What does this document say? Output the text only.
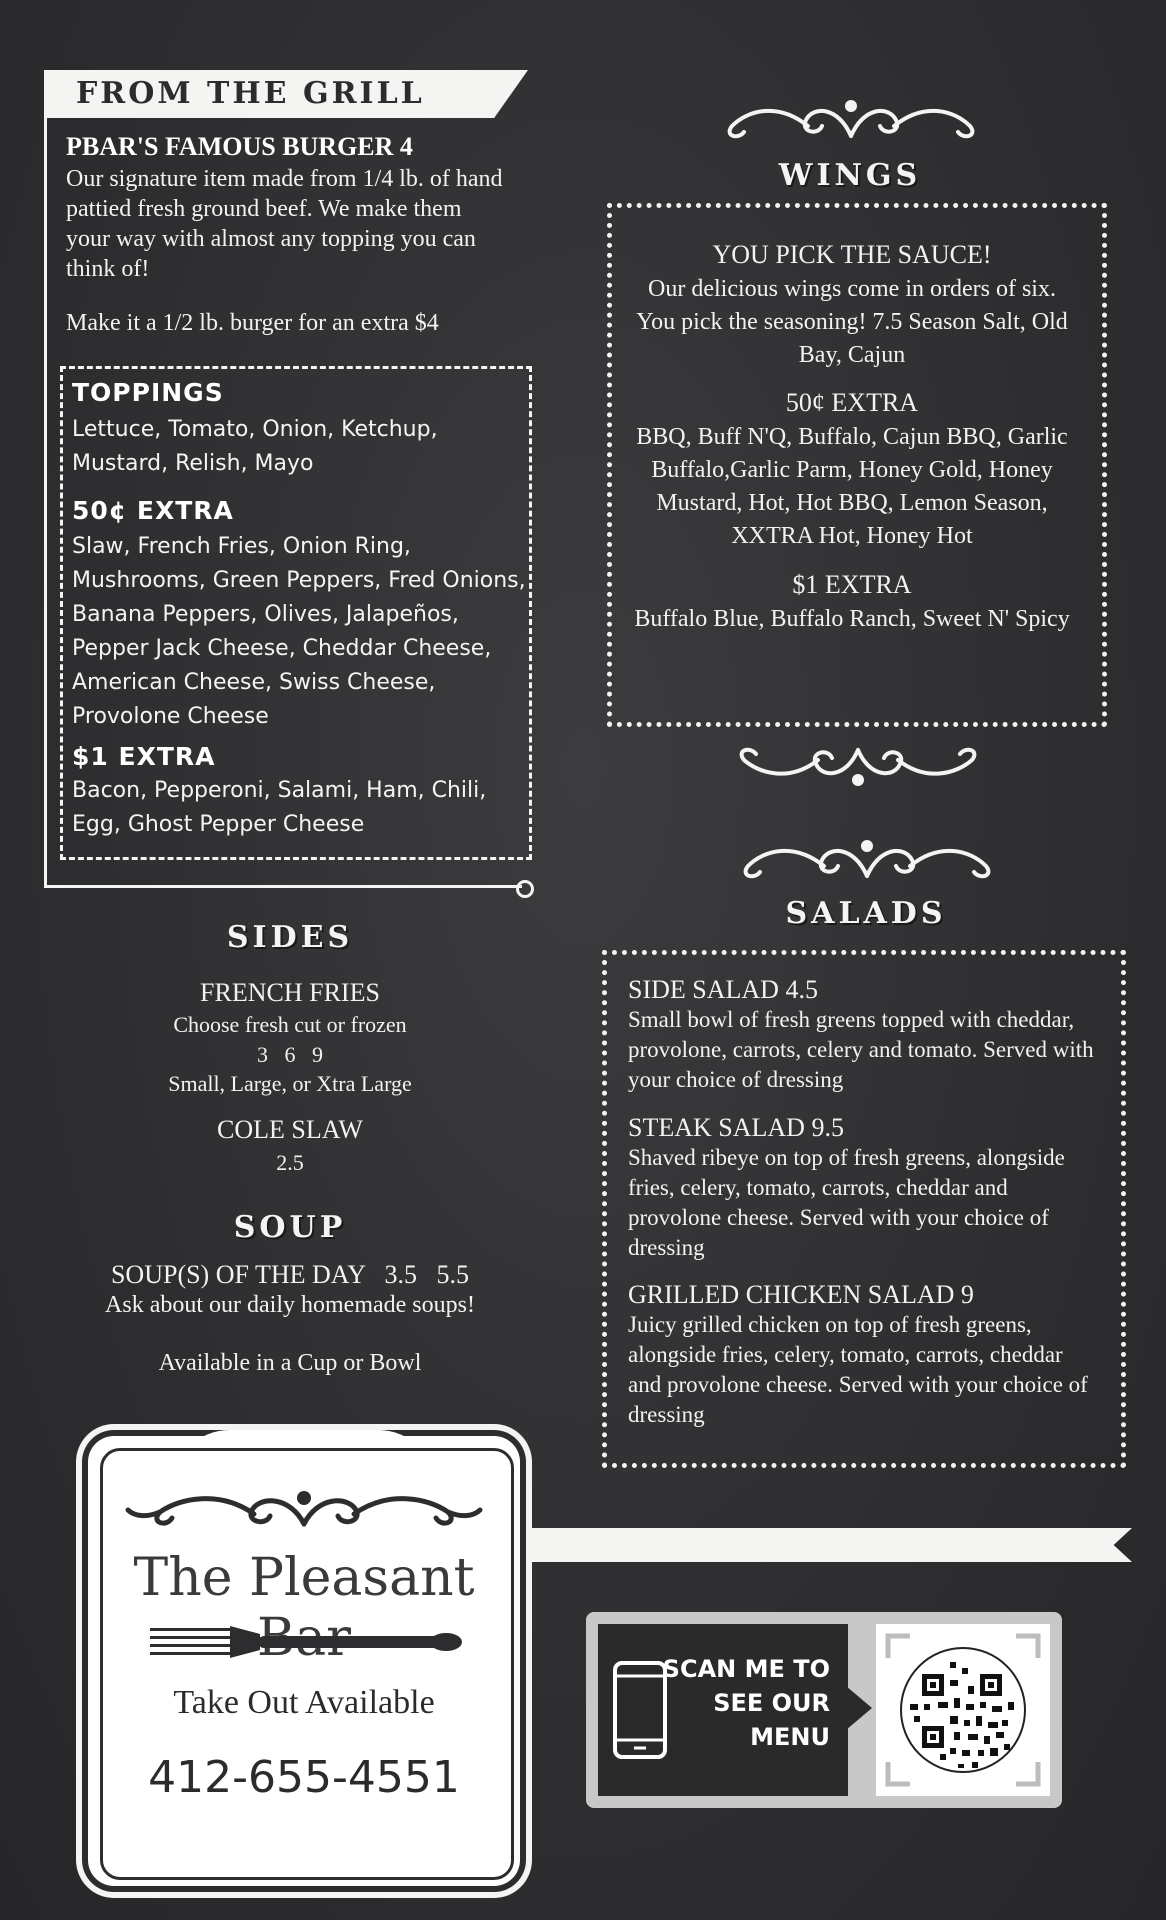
FROM THE GRILL
PBAR'S FAMOUS BURGER 4
Our signature item made from 1/4 lb. of hand pattied fresh ground beef. We make them your way with almost any topping you can think of!
Make it a 1/2 lb. burger for an extra $4
TOPPINGS
Lettuce, Tomato, Onion, Ketchup, Mustard, Relish, Mayo
50¢ EXTRA
Slaw, French Fries, Onion Ring, Mushrooms, Green Peppers, Fred Onions, Banana Peppers, Olives, Jalapeños, Pepper Jack Cheese, Cheddar Cheese, American Cheese, Swiss Cheese, Provolone Cheese
$1 EXTRA
Bacon, Pepperoni, Salami, Ham, Chili, Egg, Ghost Pepper Cheese
WINGS
YOU PICK THE SAUCE!
Our delicious wings come in orders of six. You pick the seasoning! 7.5 Season Salt, Old Bay, Cajun
50¢ EXTRA
BBQ, Buff N'Q, Buffalo, Cajun BBQ, Garlic Buffalo,Garlic Parm, Honey Gold, Honey Mustard, Hot, Hot BBQ, Lemon Season, XXTRA Hot, Honey Hot
$1 EXTRA
Buffalo Blue, Buffalo Ranch, Sweet N' Spicy
SALADS
SIDE SALAD 4.5
Small bowl of fresh greens topped with cheddar, provolone, carrots, celery and tomato. Served with your choice of dressing
STEAK SALAD 9.5
Shaved ribeye on top of fresh greens, alongside fries, celery, tomato, carrots, cheddar and provolone cheese. Served with your choice of dressing
GRILLED CHICKEN SALAD 9
Juicy grilled chicken on top of fresh greens, alongside fries, celery, tomato, carrots, cheddar and provolone cheese. Served with your choice of dressing
SIDES
FRENCH FRIES
Choose fresh cut or frozen
3   6   9
Small, Large, or Xtra Large
COLE SLAW
2.5
SOUP
SOUP(S) OF THE DAY   3.5   5.5
Ask about our daily homemade soups!
Available in a Cup or Bowl
The Pleasant
Take Out Available
412-655-4551
SCAN ME TO SEE OUR MENU
